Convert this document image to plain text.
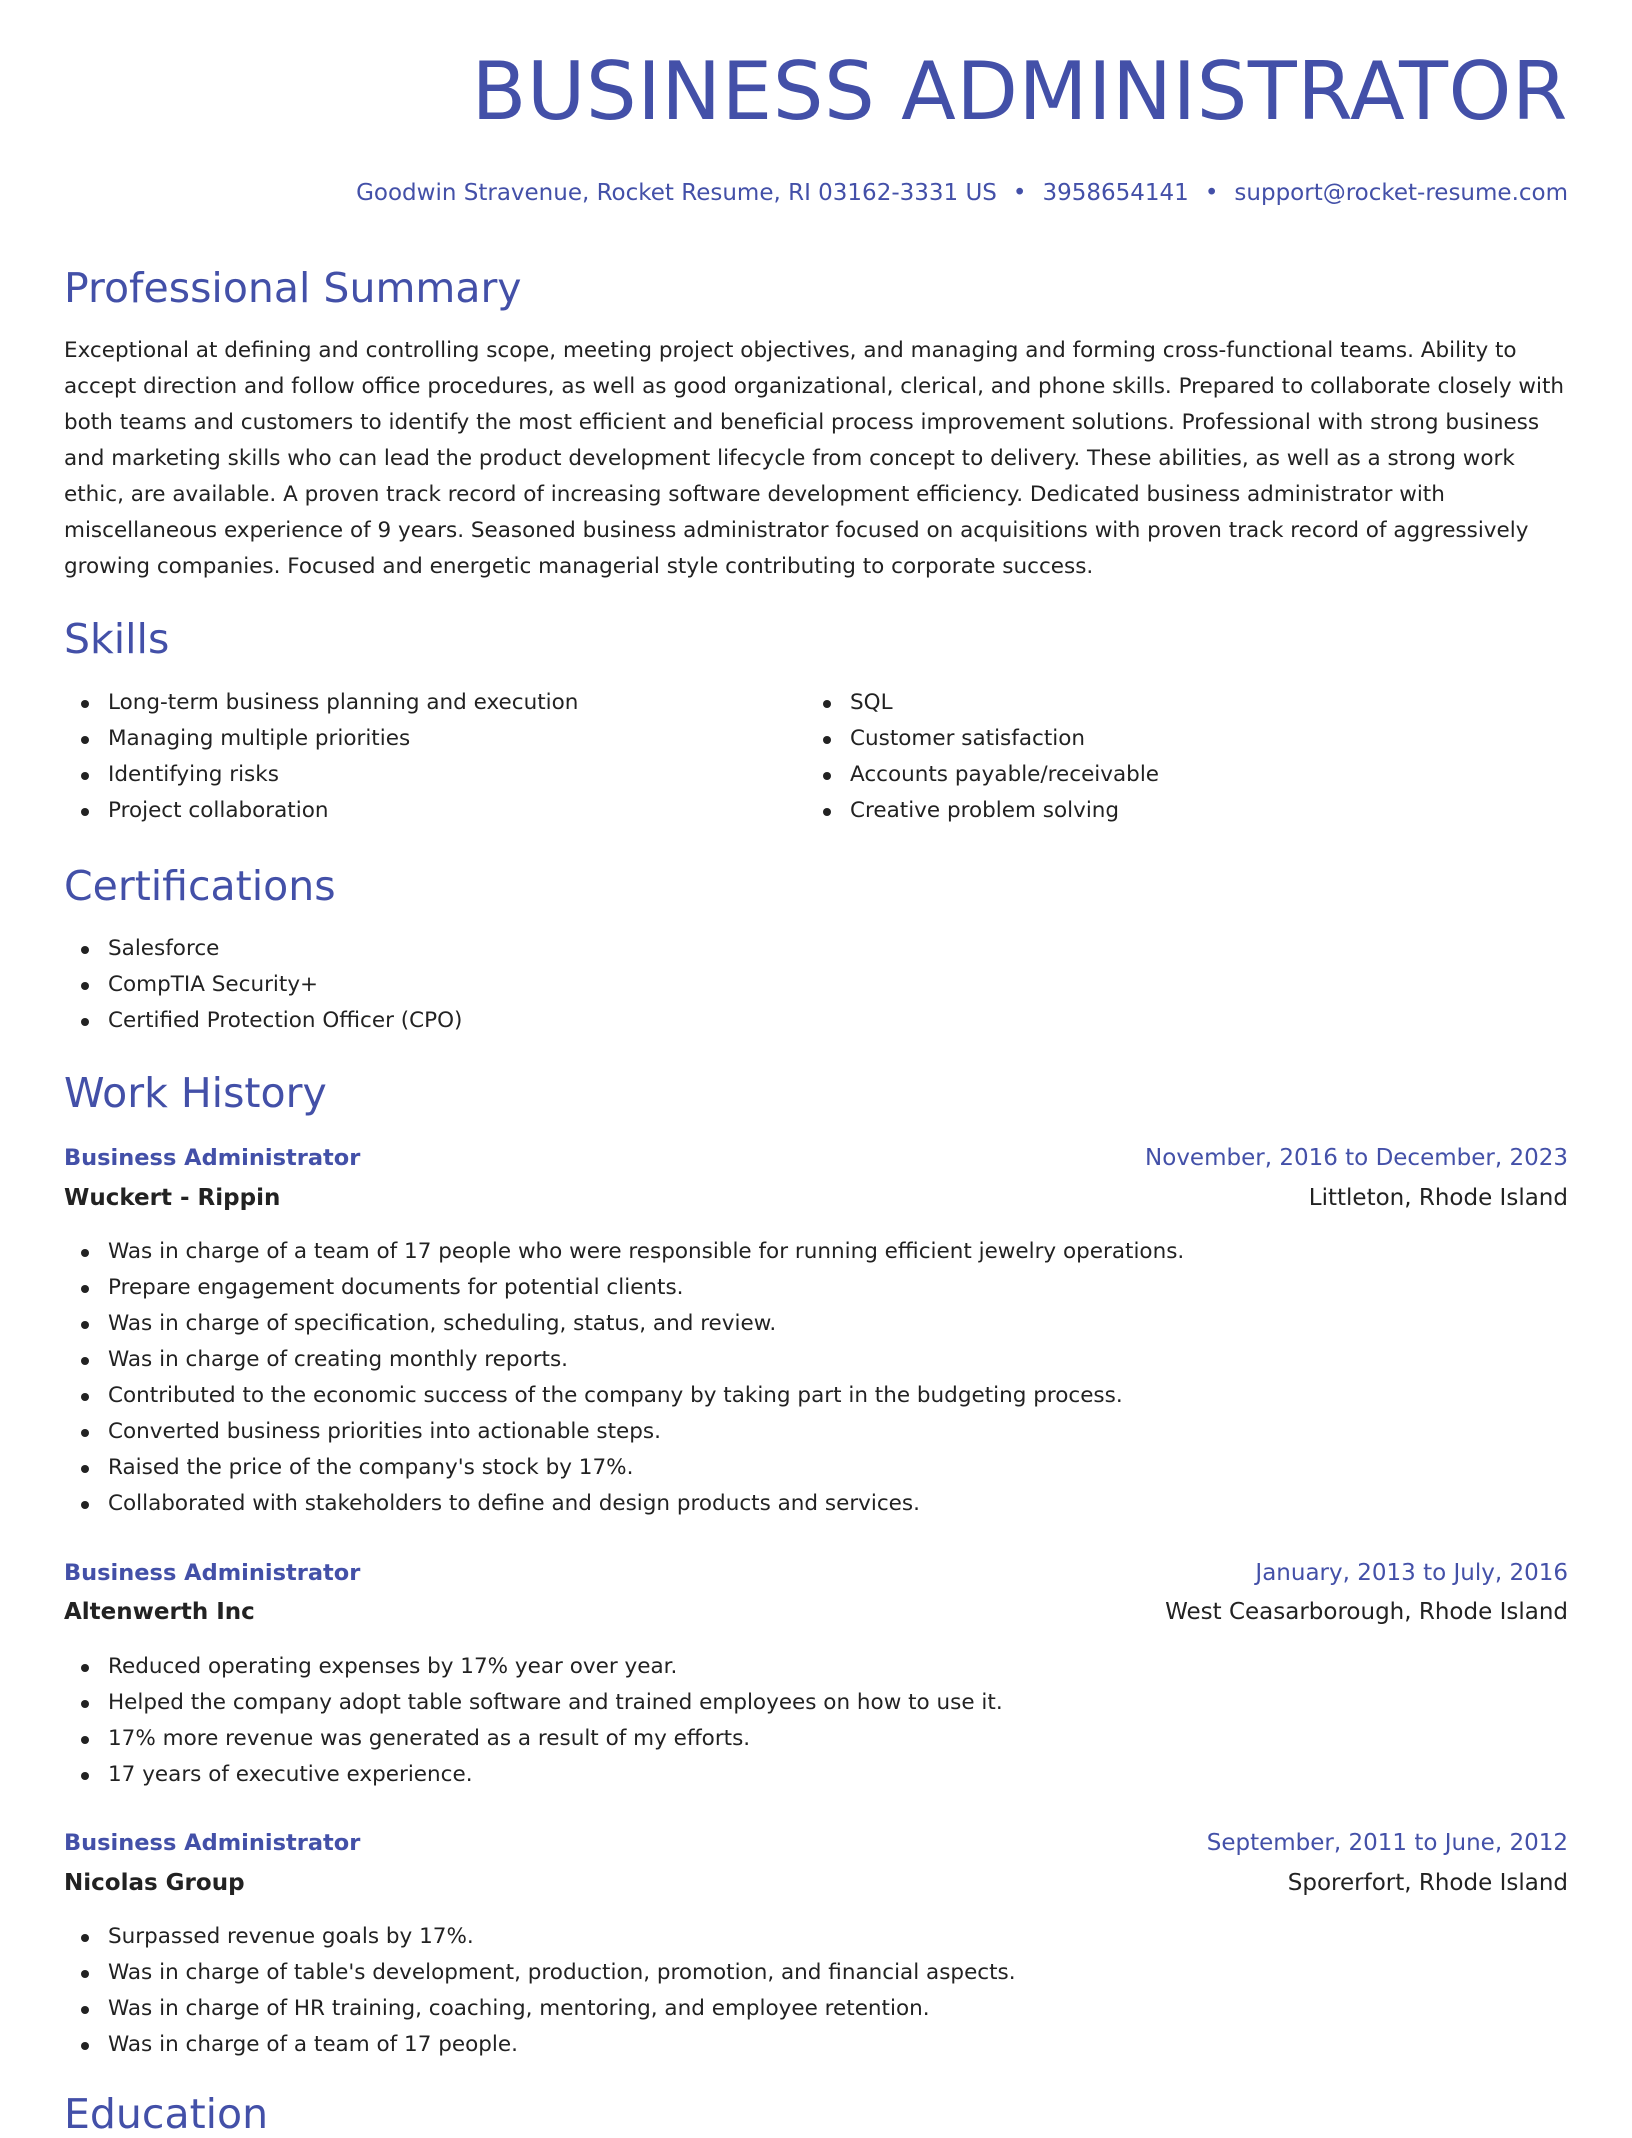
BUSINESS ADMINISTRATOR
Goodwin Stravenue, Rocket Resume, RI 03162-3331 US • 3958654141 • support@rocket-resume.com
Professional Summary
Exceptional at defining and controlling scope, meeting project objectives, and managing and forming cross-functional teams. Ability to accept direction and follow office procedures, as well as good organizational, clerical, and phone skills. Prepared to collaborate closely with both teams and customers to identify the most efficient and beneficial process improvement solutions. Professional with strong business and marketing skills who can lead the product development lifecycle from concept to delivery. These abilities, as well as a strong work ethic, are available. A proven track record of increasing software development efficiency. Dedicated business administrator with miscellaneous experience of 9 years. Seasoned business administrator focused on acquisitions with proven track record of aggressively growing companies. Focused and energetic managerial style contributing to corporate success.
Skills
Long-term business planning and execution
Managing multiple priorities
Identifying risks
Project collaboration
SQL
Customer satisfaction
Accounts payable/receivable
Creative problem solving
Certifications
Salesforce
CompTIA Security+
Certified Protection Officer (CPO)
Work History
Business Administrator	November, 2016 to December, 2023
Wuckert - Rippin	Littleton, Rhode Island
Was in charge of a team of 17 people who were responsible for running efficient jewelry operations.
Prepare engagement documents for potential clients.
Was in charge of specification, scheduling, status, and review.
Was in charge of creating monthly reports.
Contributed to the economic success of the company by taking part in the budgeting process.
Converted business priorities into actionable steps.
Raised the price of the company's stock by 17%.
Collaborated with stakeholders to define and design products and services.
Business Administrator	January, 2013 to July, 2016
Altenwerth Inc	West Ceasarborough, Rhode Island
Reduced operating expenses by 17% year over year.
Helped the company adopt table software and trained employees on how to use it.
17% more revenue was generated as a result of my efforts.
17 years of executive experience.
Business Administrator	September, 2011 to June, 2012
Nicolas Group	Sporerfort, Rhode Island
Surpassed revenue goals by 17%.
Was in charge of table's development, production, promotion, and financial aspects.
Was in charge of HR training, coaching, mentoring, and employee retention.
Was in charge of a team of 17 people.
Education
